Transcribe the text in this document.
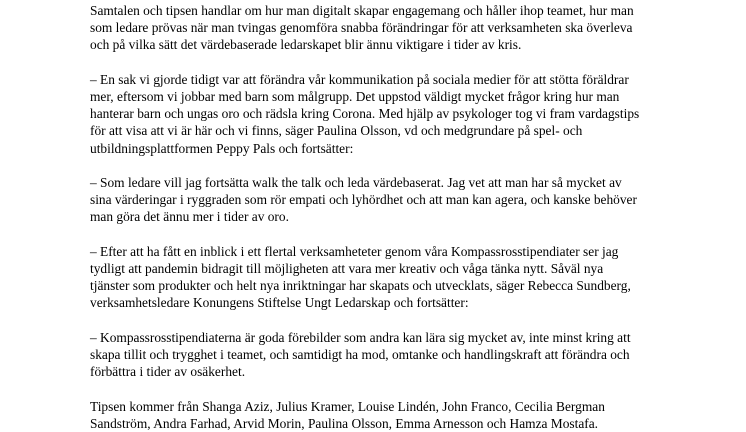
Samtalen och tipsen handlar om hur man digitalt skapar engagemang och håller ihop teamet, hur man
som ledare prövas när man tvingas genomföra snabba förändringar för att verksamheten ska överleva
och på vilka sätt det värdebaserade ledarskapet blir ännu viktigare i tider av kris.

– En sak vi gjorde tidigt var att förändra vår kommunikation på sociala medier för att stötta föräldrar
mer, eftersom vi jobbar med barn som målgrupp. Det uppstod väldigt mycket frågor kring hur man
hanterar barn och ungas oro och rädsla kring Corona. Med hjälp av psykologer tog vi fram vardagstips
för att visa att vi är här och vi finns, säger Paulina Olsson, vd och medgrundare på spel- och
utbildningsplattformen Peppy Pals och fortsätter:

– Som ledare vill jag fortsätta walk the talk och leda värdebaserat. Jag vet att man har så mycket av
sina värderingar i ryggraden som rör empati och lyhördhet och att man kan agera, och kanske behöver
man göra det ännu mer i tider av oro.

– Efter att ha fått en inblick i ett flertal verksamheteter genom våra Kompassrosstipendiater ser jag
tydligt att pandemin bidragit till möjligheten att vara mer kreativ och våga tänka nytt. Såväl nya
tjänster som produkter och helt nya inriktningar har skapats och utvecklats, säger Rebecca Sundberg,
verksamhetsledare Konungens Stiftelse Ungt Ledarskap och fortsätter:

– Kompassrosstipendiaterna är goda förebilder som andra kan lära sig mycket av, inte minst kring att
skapa tillit och trygghet i teamet, och samtidigt ha mod, omtanke och handlingskraft att förändra och
förbättra i tider av osäkerhet.

Tipsen kommer från Shanga Aziz, Julius Kramer, Louise Lindén, John Franco, Cecilia Bergman
Sandström, Andra Farhad, Arvid Morin, Paulina Olsson, Emma Arnesson och Hamza Mostafa.
